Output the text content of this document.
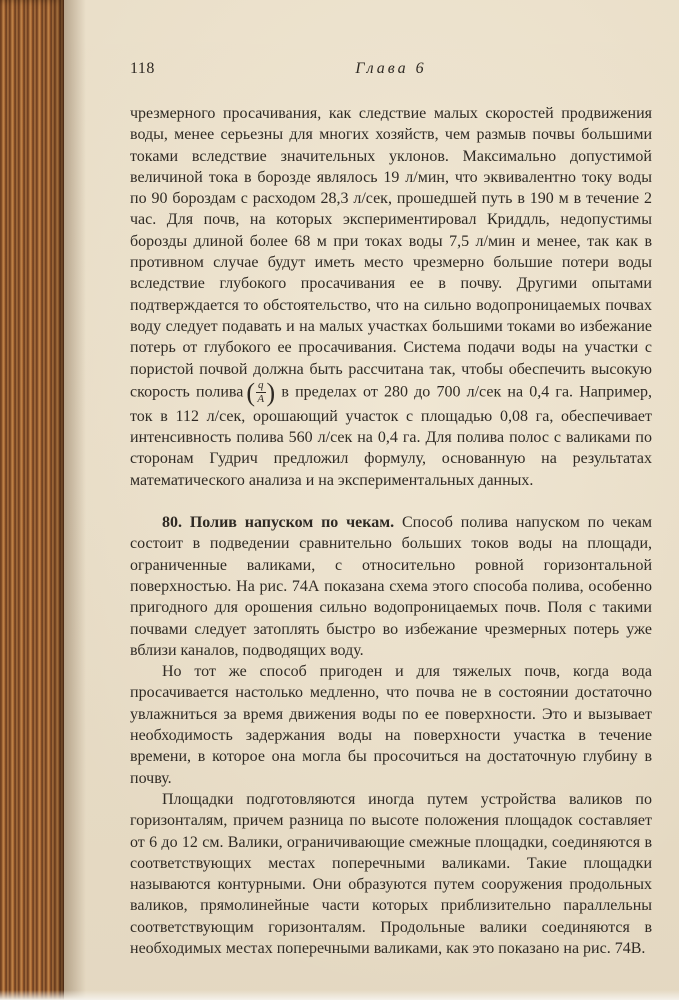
118	Глава 6

чрезмерного просачивания, как следствие малых скоростей продвижения воды, менее серьезны для многих хозяйств, чем размыв почвы большими токами вследствие значительных уклонов. Максимально допустимой величиной тока в борозде являлось 19 л/мин, что эквивалентно току воды по 90 бороздам с расходом 28,3 л/сек, прошедшей путь в 190 м в течение 2 час. Для почв, на которых экспериментировал Криддль, недопустимы борозды длиной более 68 м при токах воды 7,5 л/мин и менее, так как в противном случае будут иметь место чрезмерно большие потери воды вследствие глубокого просачивания ее в почву. Другими опытами подтверждается то обстоятельство, что на сильно водопроницаемых почвах воду следует подавать и на малых участках большими токами во избежание потерь от глубокого ее просачивания. Система подачи воды на участки с пористой почвой должна быть рассчитана так, чтобы обеспечить высокую скорость полива ( $\frac{q}{A}$ ) в пределах от 280 до 700 л/сек на 0,4 га. Например, ток в 112 л/сек, орошающий участок с площадью 0,08 га, обеспечивает интенсивность полива 560 л/сек на 0,4 га. Для полива полос с валиками по сторонам Гудрич предложил формулу, основанную на результатах математического анализа и на экспериментальных данных.

80. Полив напуском по чекам. Способ полива напуском по чекам состоит в подведении сравнительно больших токов воды на площади, ограниченные валиками, с относительно ровной горизонтальной поверхностью. На рис. 74А показана схема этого способа полива, особенно пригодного для орошения сильно водопроницаемых почв. Поля с такими почвами следует затоплять быстро во избежание чрезмерных потерь уже вблизи каналов, подводящих воду.

Но тот же способ пригоден и для тяжелых почв, когда вода просачивается настолько медленно, что почва не в состоянии достаточно увлажниться за время движения воды по ее поверхности. Это и вызывает необходимость задержания воды на поверхности участка в течение времени, в которое она могла бы просочиться на достаточную глубину в почву.

Площадки подготовляются иногда путем устройства валиков по горизонталям, причем разница по высоте положения площадок составляет от 6 до 12 см. Валики, ограничивающие смежные площадки, соединяются в соответствующих местах поперечными валиками. Такие площадки называются контурными. Они образуются путем сооружения продольных валиков, прямолинейные части которых приблизительно параллельны соответствующим горизонталям. Продольные валики соединяются в необходимых местах поперечными валиками, как это показано на рис. 74В.
